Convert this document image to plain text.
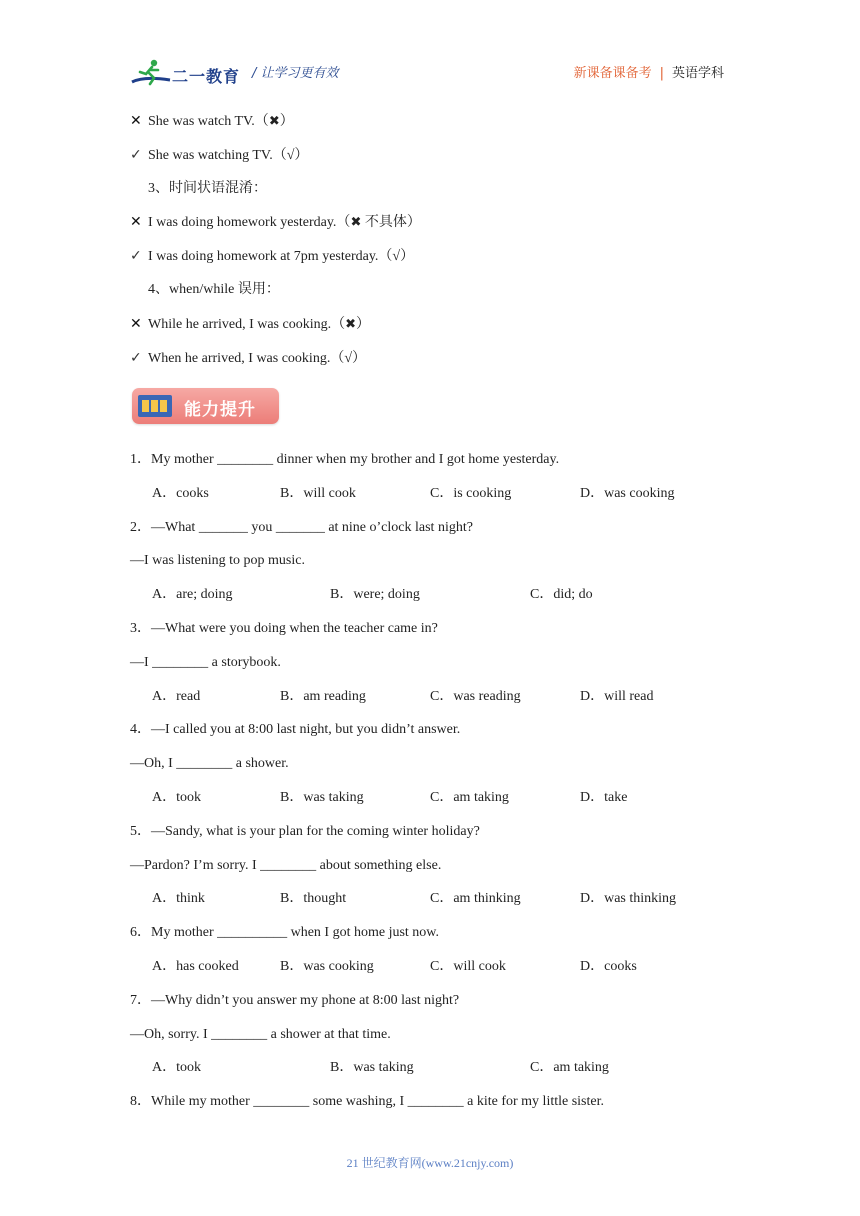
二一教育 / 让学习更有效	新课备课备考 | 英语学科
✕ She was watch TV.（✖）
✓ She was watching TV.（√）
3、时间状语混淆：
✕ I was doing homework yesterday.（✖ 不具体）
✓ I was doing homework at 7pm yesterday.（√）
4、when/while 误用：
✕ While he arrived, I was cooking.（✖）
✓ When he arrived, I was cooking.（√）
能力提升
1．My mother ________ dinner when my brother and I got home yesterday.
A．cooks	B．will cook	C．is cooking	D．was cooking
2．—What _______ you _______ at nine o’clock last night?
—I was listening to pop music.
A．are; doing	B．were; doing	C．did; do
3．—What were you doing when the teacher came in?
—I ________ a storybook.
A．read	B．am reading	C．was reading	D．will read
4．—I called you at 8:00 last night, but you didn’t answer.
—Oh, I ________ a shower.
A．took	B．was taking	C．am taking	D．take
5．—Sandy, what is your plan for the coming winter holiday?
—Pardon? I’m sorry. I ________ about something else.
A．think	B．thought	C．am thinking	D．was thinking
6．My mother __________ when I got home just now.
A．has cooked	B．was cooking	C．will cook	D．cooks
7．—Why didn’t you answer my phone at 8:00 last night?
—Oh, sorry. I ________ a shower at that time.
A．took	B．was taking	C．am taking
8．While my mother ________ some washing, I ________ a kite for my little sister.
21 世纪教育网(www.21cnjy.com)
